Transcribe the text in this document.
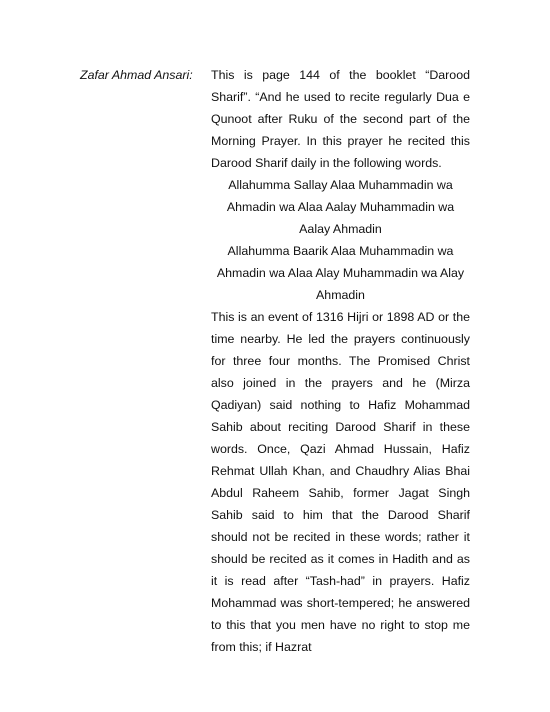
Zafar Ahmad Ansari: This is page 144 of the booklet “Darood Sharif”. “And he used to recite regularly Dua e Qunoot after Ruku of the second part of the Morning Prayer. In this prayer he recited this Darood Sharif daily in the following words.

Allahumma Sallay Alaa Muhammadin wa Ahmadin wa Alaa Aalay Muhammadin wa Aalay Ahmadin

Allahumma Baarik Alaa Muhammadin wa Ahmadin wa Alaa Alay Muhammadin wa Alay Ahmadin

This is an event of 1316 Hijri or 1898 AD or the time nearby. He led the prayers continuously for three four months. The Promised Christ also joined in the prayers and he (Mirza Qadiyan) said nothing to Hafiz Mohammad Sahib about reciting Darood Sharif in these words. Once, Qazi Ahmad Hussain, Hafiz Rehmat Ullah Khan, and Chaudhry Alias Bhai Abdul Raheem Sahib, former Jagat Singh Sahib said to him that the Darood Sharif should not be recited in these words; rather it should be recited as it comes in Hadith and as it is read after “Tash-had” in prayers. Hafiz Mohammad was short-tempered; he answered to this that you men have no right to stop me from this; if Hazrat
